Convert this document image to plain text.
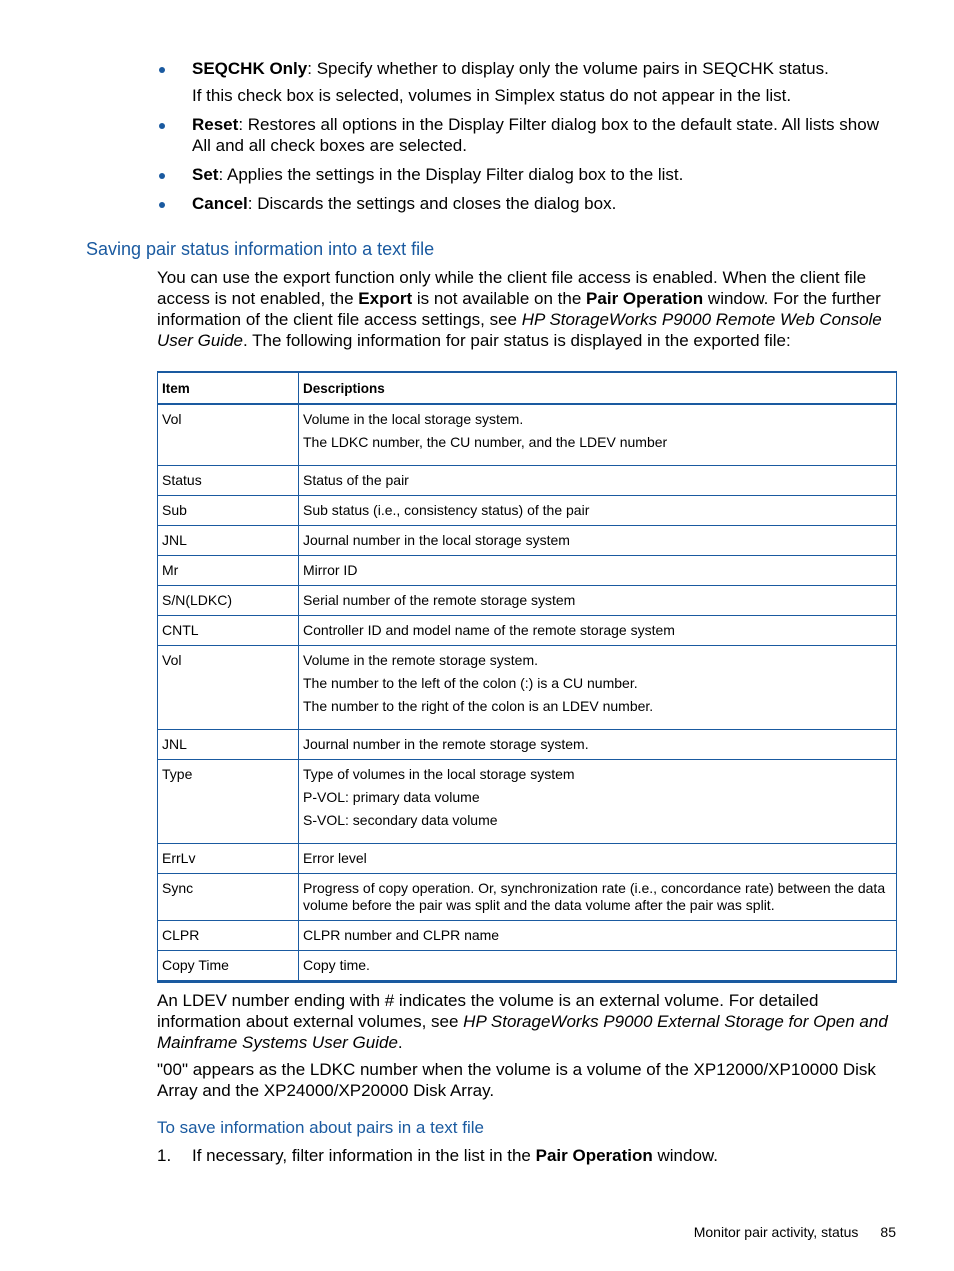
SEQCHK Only: Specify whether to display only the volume pairs in SEQCHK status.

If this check box is selected, volumes in Simplex status do not appear in the list.

Reset: Restores all options in the Display Filter dialog box to the default state. All lists show All and all check boxes are selected.

Set: Applies the settings in the Display Filter dialog box to the list.

Cancel: Discards the settings and closes the dialog box.

Saving pair status information into a text file

You can use the export function only while the client file access is enabled. When the client file access is not enabled, the Export is not available on the Pair Operation window. For the further information of the client file access settings, see HP StorageWorks P9000 Remote Web Console User Guide. The following information for pair status is displayed in the exported file:

Item	Descriptions
Vol	Volume in the local storage system.
The LDKC number, the CU number, and the LDEV number

Status	Status of the pair

Sub	Sub status (i.e., consistency status) of the pair

JNL	Journal number in the local storage system

Mr	Mirror ID

S/N(LDKC)	Serial number of the remote storage system

CNTL	Controller ID and model name of the remote storage system

Vol	Volume in the remote storage system.
The number to the left of the colon (:) is a CU number.
The number to the right of the colon is an LDEV number.

JNL	Journal number in the remote storage system.

Type	Type of volumes in the local storage system
P-VOL: primary data volume
S-VOL: secondary data volume

ErrLv	Error level

Sync	Progress of copy operation. Or, synchronization rate (i.e., concordance rate) between the data volume before the pair was split and the data volume after the pair was split.

CLPR	CLPR number and CLPR name

Copy Time	Copy time.

An LDEV number ending with # indicates the volume is an external volume. For detailed information about external volumes, see HP StorageWorks P9000 External Storage for Open and Mainframe Systems User Guide.

"00" appears as the LDKC number when the volume is a volume of the XP12000/XP10000 Disk Array and the XP24000/XP20000 Disk Array.

To save information about pairs in a text file
1. If necessary, filter information in the list in the Pair Operation window.
Monitor pair activity, status 85
